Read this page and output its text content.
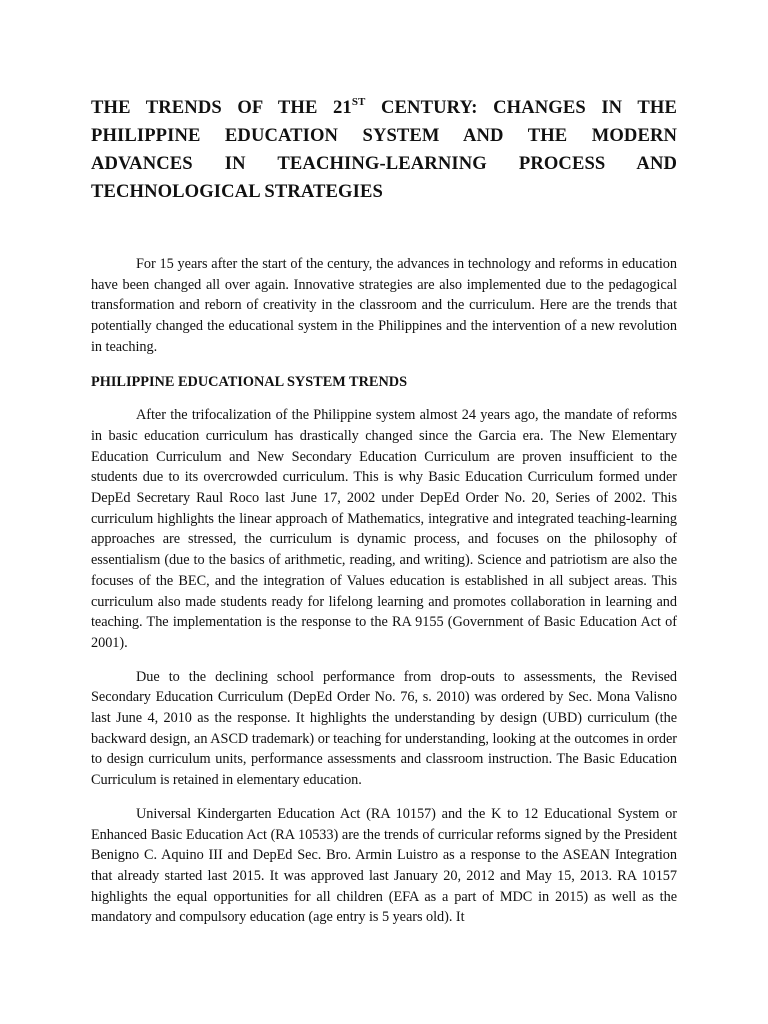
THE TRENDS OF THE 21ST CENTURY: CHANGES IN THE PHILIPPINE EDUCATION SYSTEM AND THE MODERN ADVANCES IN TEACHING-LEARNING PROCESS AND TECHNOLOGICAL STRATEGIES

For 15 years after the start of the century, the advances in technology and reforms in education have been changed all over again. Innovative strategies are also implemented due to the pedagogical transformation and reborn of creativity in the classroom and the curriculum. Here are the trends that potentially changed the educational system in the Philippines and the intervention of a new revolution in teaching.

PHILIPPINE EDUCATIONAL SYSTEM TRENDS

After the trifocalization of the Philippine system almost 24 years ago, the mandate of reforms in basic education curriculum has drastically changed since the Garcia era. The New Elementary Education Curriculum and New Secondary Education Curriculum are proven insufficient to the students due to its overcrowded curriculum. This is why Basic Education Curriculum formed under DepEd Secretary Raul Roco last June 17, 2002 under DepEd Order No. 20, Series of 2002. This curriculum highlights the linear approach of Mathematics, integrative and integrated teaching-learning approaches are stressed, the curriculum is dynamic process, and focuses on the philosophy of essentialism (due to the basics of arithmetic, reading, and writing). Science and patriotism are also the focuses of the BEC, and the integration of Values education is established in all subject areas. This curriculum also made students ready for lifelong learning and promotes collaboration in learning and teaching. The implementation is the response to the RA 9155 (Government of Basic Education Act of 2001).

Due to the declining school performance from drop-outs to assessments, the Revised Secondary Education Curriculum (DepEd Order No. 76, s. 2010) was ordered by Sec. Mona Valisno last June 4, 2010 as the response. It highlights the understanding by design (UBD) curriculum (the backward design, an ASCD trademark) or teaching for understanding, looking at the outcomes in order to design curriculum units, performance assessments and classroom instruction. The Basic Education Curriculum is retained in elementary education.

Universal Kindergarten Education Act (RA 10157) and the K to 12 Educational System or Enhanced Basic Education Act (RA 10533) are the trends of curricular reforms signed by the President Benigno C. Aquino III and DepEd Sec. Bro. Armin Luistro as a response to the ASEAN Integration that already started last 2015. It was approved last January 20, 2012 and May 15, 2013. RA 10157 highlights the equal opportunities for all children (EFA as a part of MDC in 2015) as well as the mandatory and compulsory education (age entry is 5 years old). It
